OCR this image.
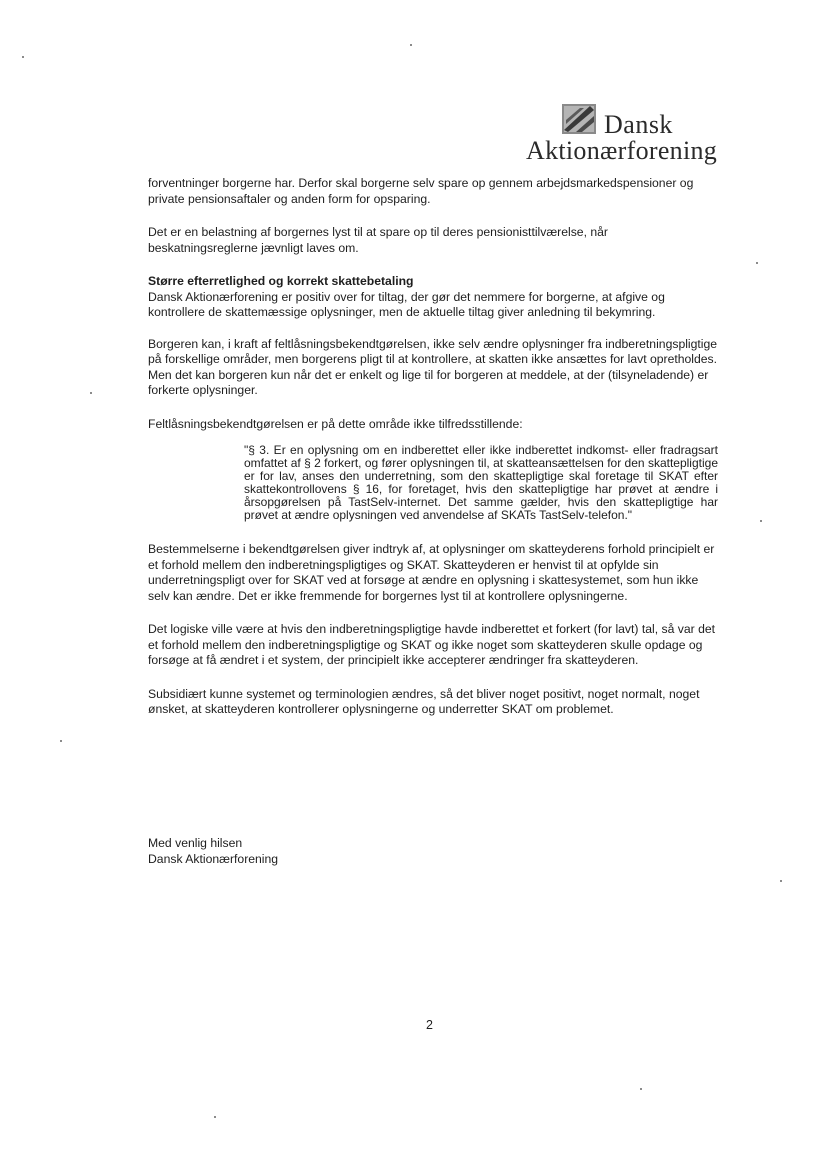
Dansk
Aktionærforening

forventninger borgerne har. Derfor skal borgerne selv spare op gennem arbejdsmarkedspensioner og private pensionsaftaler og anden form for opsparing.

Det er en belastning af borgernes lyst til at spare op til deres pensionisttilværelse, når beskatningsreglerne jævnligt laves om.

Større efterretlighed og korrekt skattebetaling
Dansk Aktionærforening er positiv over for tiltag, der gør det nemmere for borgerne, at afgive og kontrollere de skattemæssige oplysninger, men de aktuelle tiltag giver anledning til bekymring.

Borgeren kan, i kraft af feltlåsningsbekendtgørelsen, ikke selv ændre oplysninger fra indberetningspligtige på forskellige områder, men borgerens pligt til at kontrollere, at skatten ikke ansættes for lavt opretholdes. Men det kan borgeren kun når det er enkelt og lige til for borgeren at meddele, at der (tilsyneladende) er forkerte oplysninger.

Feltlåsningsbekendtgørelsen er på dette område ikke tilfredsstillende:

"§ 3. Er en oplysning om en indberettet eller ikke indberettet indkomst- eller fradragsart omfattet af § 2 forkert, og fører oplysningen til, at skatteansættelsen for den skattepligtige er for lav, anses den underretning, som den skattepligtige skal foretage til SKAT efter skattekontrollovens § 16, for foretaget, hvis den skattepligtige har prøvet at ændre i årsopgørelsen på TastSelv-internet. Det samme gælder, hvis den skattepligtige har prøvet at ændre oplysningen ved anvendelse af SKATs TastSelv-telefon."

Bestemmelserne i bekendtgørelsen giver indtryk af, at oplysninger om skatteyderens forhold principielt er et forhold mellem den indberetningspligtiges og SKAT. Skatteyderen er henvist til at opfylde sin underretningspligt over for SKAT ved at forsøge at ændre en oplysning i skattesystemet, som hun ikke selv kan ændre. Det er ikke fremmende for borgernes lyst til at kontrollere oplysningerne.

Det logiske ville være at hvis den indberetningspligtige havde indberettet et forkert (for lavt) tal, så var det et forhold mellem den indberetningspligtige og SKAT og ikke noget som skatteyderen skulle opdage og forsøge at få ændret i et system, der principielt ikke accepterer ændringer fra skatteyderen.

Subsidiært kunne systemet og terminologien ændres, så det bliver noget positivt, noget normalt, noget ønsket, at skatteyderen kontrollerer oplysningerne og underretter SKAT om problemet.

Med venlig hilsen
Dansk Aktionærforening
2
